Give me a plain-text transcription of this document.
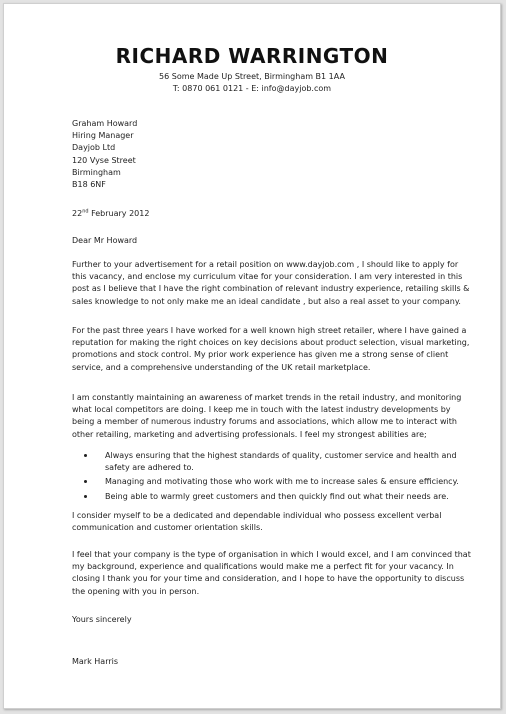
RICHARD WARRINGTON
56 Some Made Up Street, Birmingham B1 1AA
T: 0870 061 0121 - E: info@dayjob.com
Graham Howard
Hiring Manager
Dayjob Ltd
120 Vyse Street
Birmingham
B18 6NF
22nd February 2012
Dear Mr Howard
Further to your advertisement for a retail position on www.dayjob.com , I should like to apply for
this vacancy, and enclose my curriculum vitae for your consideration. I am very interested in this
post as I believe that I have the right combination of relevant industry experience, retailing skills &
sales knowledge to not only make me an ideal candidate , but also a real asset to your company.
For the past three years I have worked for a well known high street retailer, where I have gained a
reputation for making the right choices on key decisions about product selection, visual marketing,
promotions and stock control. My prior work experience has given me a strong sense of client
service, and a comprehensive understanding of the UK retail marketplace.
I am constantly maintaining an awareness of market trends in the retail industry, and monitoring
what local competitors are doing. I keep me in touch with the latest industry developments by
being a member of numerous industry forums and associations, which allow me to interact with
other retailing, marketing and advertising professionals. I feel my strongest abilities are;
Always ensuring that the highest standards of quality, customer service and health and
safety are adhered to.
Managing and motivating those who work with me to increase sales & ensure efficiency.
Being able to warmly greet customers and then quickly find out what their needs are.
I consider myself to be a dedicated and dependable individual who possess excellent verbal
communication and customer orientation skills.
I feel that your company is the type of organisation in which I would excel, and I am convinced that
my background, experience and qualifications would make me a perfect fit for your vacancy. In
closing I thank you for your time and consideration, and I hope to have the opportunity to discuss
the opening with you in person.
Yours sincerely
Mark Harris
